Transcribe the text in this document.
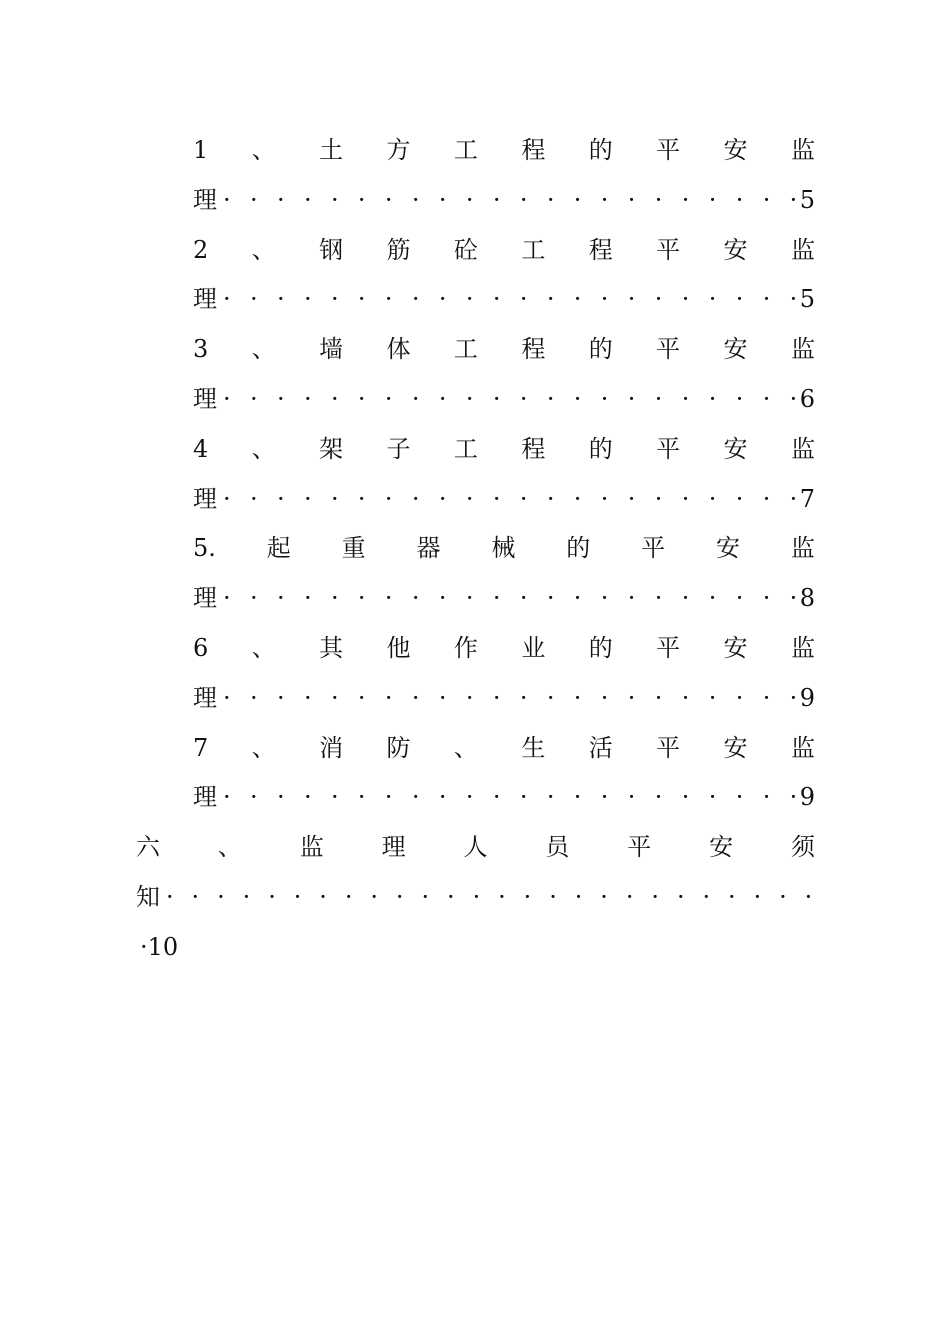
1 、 土 方 工 程 的 平 安 监
理 · · · · · · · · · · · · · · · · · · · · · · 5
2 、 钢 筋 砼 工 程 平 安 监
理 · · · · · · · · · · · · · · · · · · · · · · 5
3 、 墙 体 工 程 的 平 安 监
理 · · · · · · · · · · · · · · · · · · · · · · 6
4 、 架 子 工 程 的 平 安 监
理 · · · · · · · · · · · · · · · · · · · · · · 7
5. 起 重 器 械 的 平 安 监
理 · · · · · · · · · · · · · · · · · · · · · · 8
6 、 其 他 作 业 的 平 安 监
理 · · · · · · · · · · · · · · · · · · · · · · 9
7 、 消 防 、 生 活 平 安 监
理 · · · · · · · · · · · · · · · · · · · · · · 9
六 、 监 理 人 员 平 安 须
知 · · · · · · · · · · · · · · · · · · · · · · · · · ·
·10
